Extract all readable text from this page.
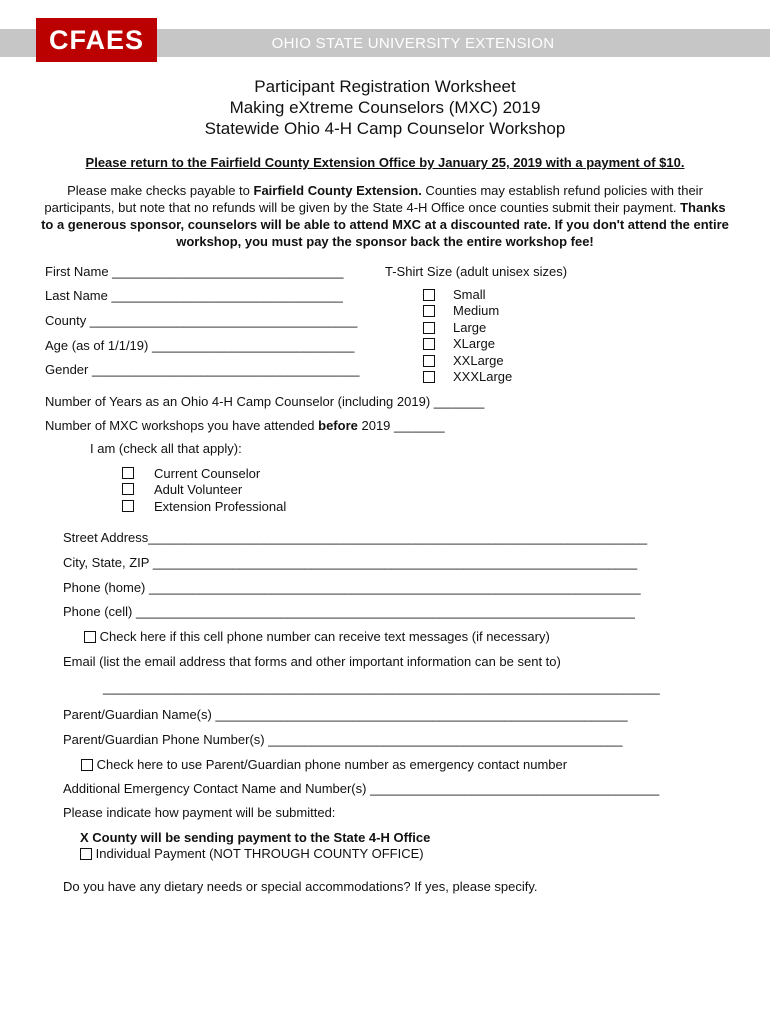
OHIO STATE UNIVERSITY EXTENSION
CFAES
Participant Registration Worksheet
Making eXtreme Counselors (MXC) 2019
Statewide Ohio 4-H Camp Counselor Workshop
Please return to the Fairfield County Extension Office by January 25, 2019 with a payment of $10.
Please make checks payable to Fairfield County Extension. Counties may establish refund policies with their participants, but note that no refunds will be given by the State 4-H Office once counties submit their payment. Thanks to a generous sponsor, counselors will be able to attend MXC at a discounted rate. If you don't attend the entire workshop, you must pay the sponsor back the entire workshop fee!
First Name ________________________________
Last Name ________________________________
County _____________________________________
Age (as of 1/1/19) ____________________________
Gender _____________________________________
T-Shirt Size (adult unisex sizes)
Small
Medium
Large
XLarge
XXLarge
XXXLarge
Number of Years as an Ohio 4-H Camp Counselor (including 2019) _______
Number of MXC workshops you have attended before 2019 _______
I am (check all that apply):
Current Counselor
Adult Volunteer
Extension Professional
Street Address_____________________________________________________________________
City, State, ZIP ___________________________________________________________________
Phone (home) ____________________________________________________________________
Phone (cell) _____________________________________________________________________
Check here if this cell phone number can receive text messages (if necessary)
Email (list the email address that forms and other important information can be sent to)
_____________________________________________________________________________
Parent/Guardian Name(s) _________________________________________________________
Parent/Guardian Phone Number(s) _________________________________________________
Check here to use Parent/Guardian phone number as emergency contact number
Additional Emergency Contact Name and Number(s) ________________________________________
Please indicate how payment will be submitted:
X County will be sending payment to the State 4-H Office
Individual Payment (NOT THROUGH COUNTY OFFICE)
Do you have any dietary needs or special accommodations? If yes, please specify.
